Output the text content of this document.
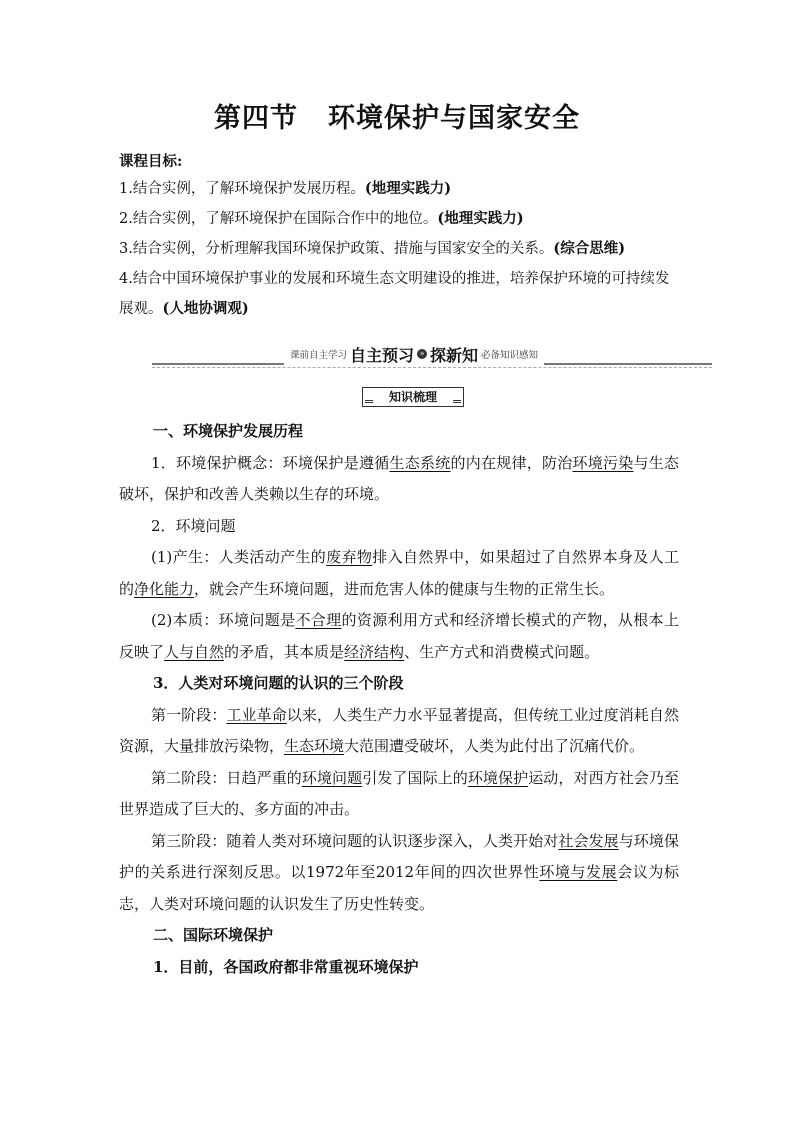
第四节 环境保护与国家安全
课程目标:
1.结合实例，了解环境保护发展历程。(地理实践力)
2.结合实例，了解环境保护在国际合作中的地位。(地理实践力)
3.结合实例，分析理解我国环境保护政策、措施与国家安全的关系。(综合思维)
4.结合中国环境保护事业的发展和环境生态文明建设的推进，培养保护环境的可持续发展观。(人地协调观)
课前自主学习 自主预习 » 探新知 必备知识感知
知识梳理

一、环境保护发展历程

1．环境保护概念：环境保护是遵循生态系统的内在规律，防治环境污染与生态破坏，保护和改善人类赖以生存的环境。

2．环境问题

(1)产生：人类活动产生的废弃物排入自然界中，如果超过了自然界本身及人工的净化能力，就会产生环境问题，进而危害人体的健康与生物的正常生长。

(2)本质：环境问题是不合理的资源利用方式和经济增长模式的产物，从根本上反映了人与自然的矛盾，其本质是经济结构、生产方式和消费模式问题。

3．人类对环境问题的认识的三个阶段

第一阶段：工业革命以来，人类生产力水平显著提高，但传统工业过度消耗自然资源，大量排放污染物，生态环境大范围遭受破坏，人类为此付出了沉痛代价。

第二阶段：日趋严重的环境问题引发了国际上的环境保护运动，对西方社会乃至世界造成了巨大的、多方面的冲击。

第三阶段：随着人类对环境问题的认识逐步深入，人类开始对社会发展与环境保护的关系进行深刻反思。以1972年至2012年间的四次世界性环境与发展会议为标志，人类对环境问题的认识发生了历史性转变。

二、国际环境保护

1．目前，各国政府都非常重视环境保护
